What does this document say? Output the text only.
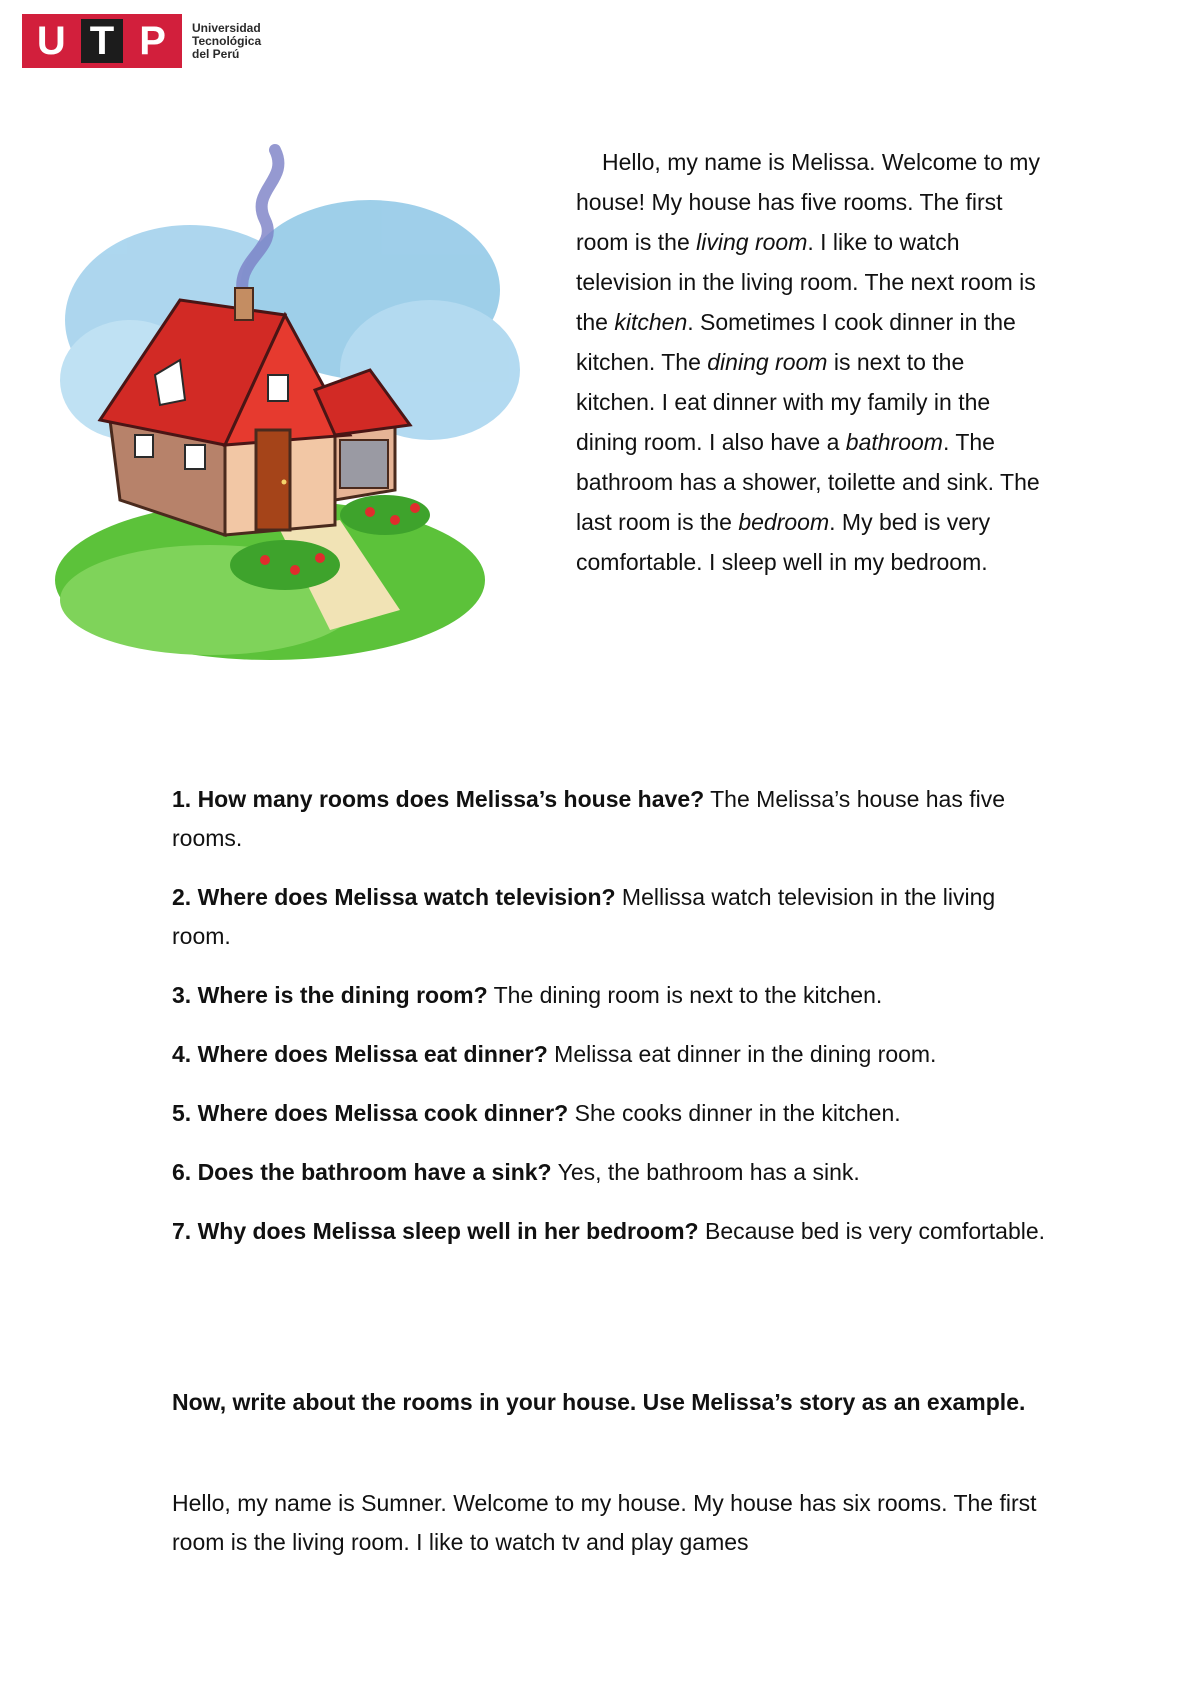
U T P	Universidad
Tecnológica
del Perú

Hello, my name is Melissa. Welcome to my house! My house has five rooms. The first room is the living room. I like to watch television in the living room. The next room is the kitchen. Sometimes I cook dinner in the kitchen. The dining room is next to the kitchen. I eat dinner with my family in the dining room. I also have a bathroom. The bathroom has a shower, toilette and sink. The last room is the bedroom. My bed is very comfortable. I sleep well in my bedroom.

1. How many rooms does Melissa’s house have? The Melissa’s house has five rooms.

2. Where does Melissa watch television? Mellissa watch television in the living room.

3. Where is the dining room? The dining room is next to the kitchen.

4. Where does Melissa eat dinner? Melissa eat dinner in the dining room.

5. Where does Melissa cook dinner? She cooks dinner in the kitchen.

6. Does the bathroom have a sink? Yes, the bathroom has a sink.

7. Why does Melissa sleep well in her bedroom? Because bed is very comfortable.

Now, write about the rooms in your house. Use Melissa’s story as an example.
Hello, my name is Sumner. Welcome to my house. My house has six rooms. The first room is the living room. I like to watch tv and play games
